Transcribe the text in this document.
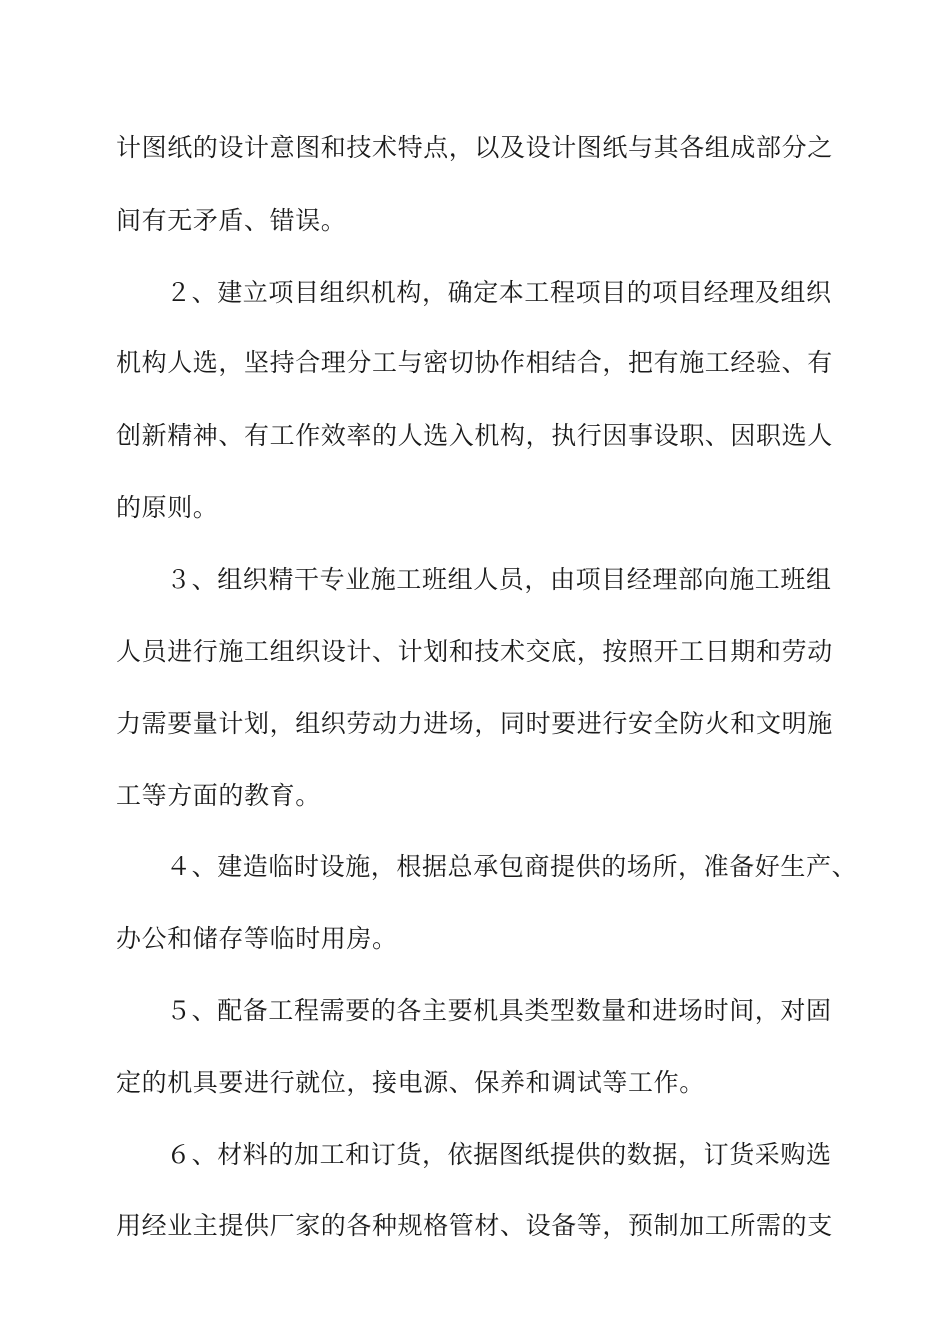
计图纸的设计意图和技术特点，以及设计图纸与其各组成部分之
间有无矛盾、错误。
２、建立项目组织机构，确定本工程项目的项目经理及组织
机构人选，坚持合理分工与密切协作相结合，把有施工经验、有
创新精神、有工作效率的人选入机构，执行因事设职、因职选人
的原则。
３、组织精干专业施工班组人员，由项目经理部向施工班组
人员进行施工组织设计、计划和技术交底，按照开工日期和劳动
力需要量计划，组织劳动力进场，同时要进行安全防火和文明施
工等方面的教育。
４、建造临时设施，根据总承包商提供的场所，准备好生产、
办公和储存等临时用房。
５、配备工程需要的各主要机具类型数量和进场时间，对固
定的机具要进行就位，接电源、保养和调试等工作。
６、材料的加工和订货，依据图纸提供的数据，订货采购选
用经业主提供厂家的各种规格管材、设备等，预制加工所需的支
